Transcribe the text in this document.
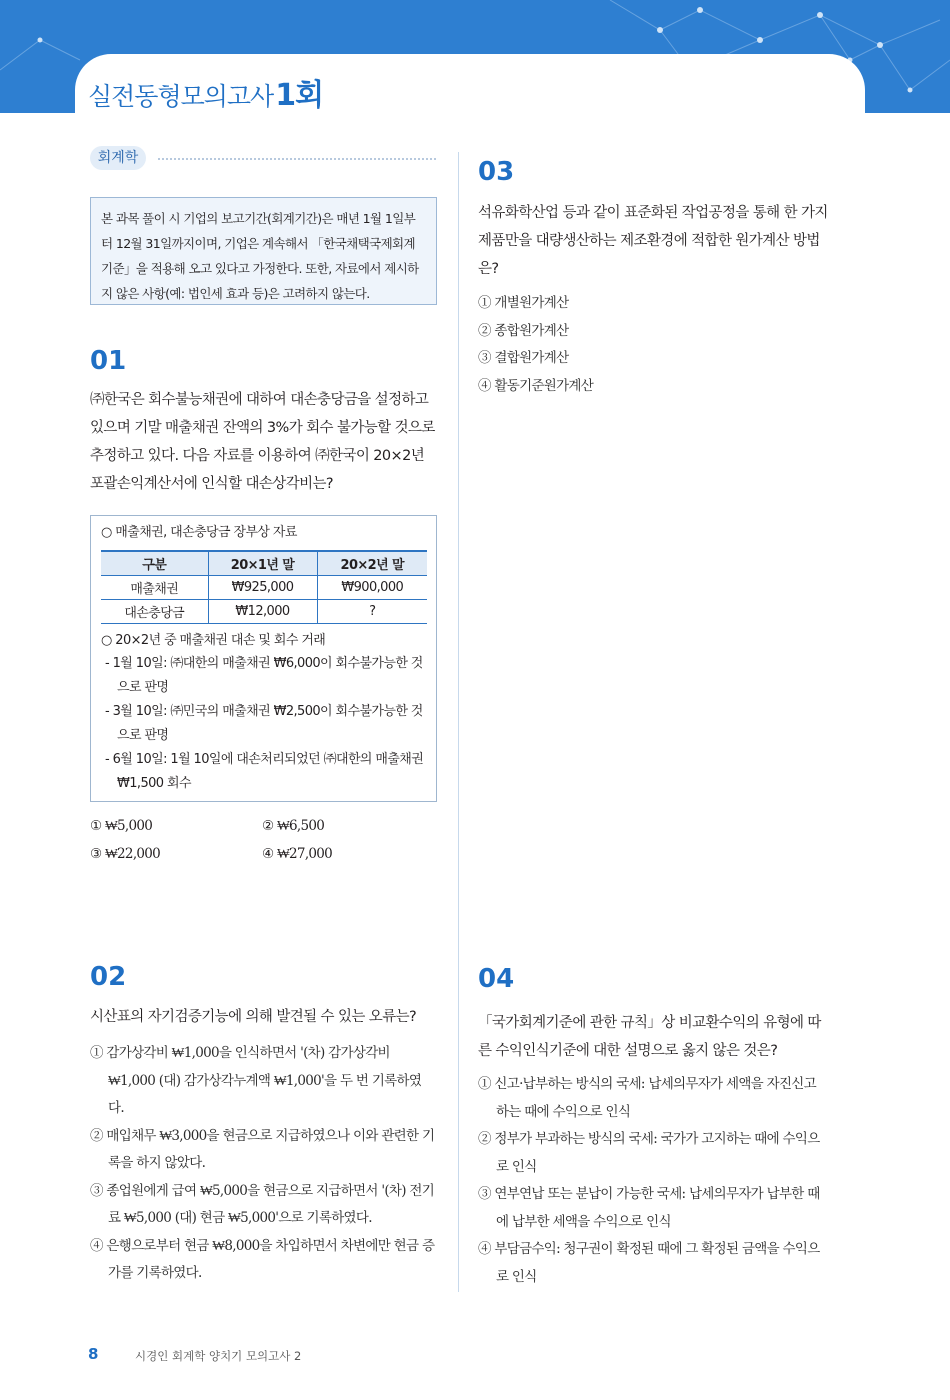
실전동형모의고사1회
회계학
본 과목 풀이 시 기업의 보고기간(회계기간)은 매년 1월 1일부터 12월 31일까지이며, 기업은 계속해서 「한국채택국제회계기준」을 적용해 오고 있다고 가정한다. 또한, 자료에서 제시하지 않은 사항(예: 법인세 효과 등)은 고려하지 않는다.
01
㈜한국은 회수불능채권에 대하여 대손충당금을 설정하고 있으며 기말 매출채권 잔액의 3%가 회수 불가능할 것으로 추정하고 있다. 다음 자료를 이용하여 ㈜한국이 20×2년 포괄손익계산서에 인식할 대손상각비는?
○ 매출채권, 대손충당금 장부상 자료
구분	20×1년 말	20×2년 말
매출채권	₩925,000	₩900,000
대손충당금	₩12,000	?
○ 20×2년 중 매출채권 대손 및 회수 거래
- 1월 10일: ㈜대한의 매출채권 ₩6,000이 회수불가능한 것으로 판명
- 3월 10일: ㈜민국의 매출채권 ₩2,500이 회수불가능한 것으로 판명
- 6월 10일: 1월 10일에 대손처리되었던 ㈜대한의 매출채권 ₩1,500 회수
① ₩5,000	② ₩6,500
③ ₩22,000	④ ₩27,000
02
시산표의 자기검증기능에 의해 발견될 수 있는 오류는?
① 감가상각비 ₩1,000을 인식하면서 '(차) 감가상각비 ₩1,000 (대) 감가상각누계액 ₩1,000'을 두 번 기록하였다.
② 매입채무 ₩3,000을 현금으로 지급하였으나 이와 관련한 기록을 하지 않았다.
③ 종업원에게 급여 ₩5,000을 현금으로 지급하면서 '(차) 전기료 ₩5,000 (대) 현금 ₩5,000'으로 기록하였다.
④ 은행으로부터 현금 ₩8,000을 차입하면서 차변에만 현금 증가를 기록하였다.
03
석유화학산업 등과 같이 표준화된 작업공정을 통해 한 가지 제품만을 대량생산하는 제조환경에 적합한 원가계산 방법은?
① 개별원가계산
② 종합원가계산
③ 결합원가계산
④ 활동기준원가계산
04
「국가회계기준에 관한 규칙」상 비교환수익의 유형에 따른 수익인식기준에 대한 설명으로 옳지 않은 것은?
① 신고·납부하는 방식의 국세: 납세의무자가 세액을 자진신고 하는 때에 수익으로 인식
② 정부가 부과하는 방식의 국세: 국가가 고지하는 때에 수익으로 인식
③ 연부연납 또는 분납이 가능한 국세: 납세의무자가 납부한 때에 납부한 세액을 수익으로 인식
④ 부담금수익: 청구권이 확정된 때에 그 확정된 금액을 수익으로 인식
8	시경인 회계학 양치기 모의고사 2
